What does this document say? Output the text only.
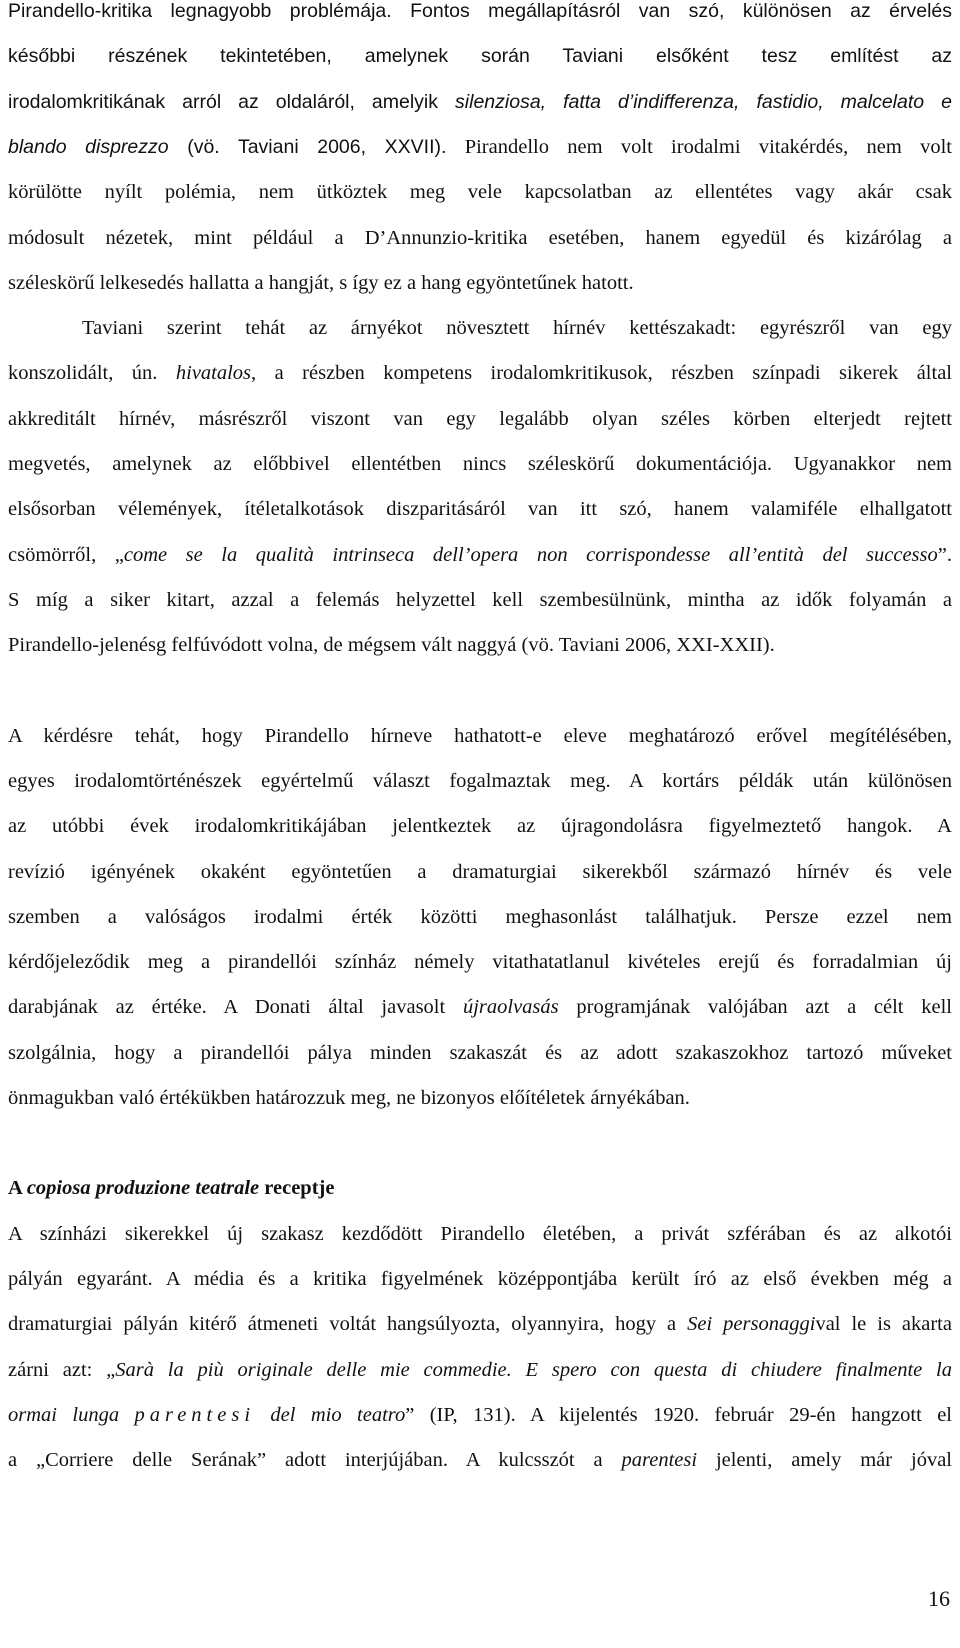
Pirandello-kritika legnagyobb problémája. Fontos megállapításról van szó, különösen az érvelés
későbbi részének tekintetében, amelynek során Taviani elsőként tesz említést az
irodalomkritikának arról az oldaláról, amelyik silenziosa, fatta d’indifferenza, fastidio, malcelato e
blando disprezzo (vö. Taviani 2006, XXVII). Pirandello nem volt irodalmi vitakérdés, nem volt
körülötte nyílt polémia, nem ütköztek meg vele kapcsolatban az ellentétes vagy akár csak
módosult nézetek, mint például a D’Annunzio-kritika esetében, hanem egyedül és kizárólag a
széleskörű lelkesedés hallatta a hangját, s így ez a hang egyöntetűnek hatott.
Taviani szerint tehát az árnyékot növesztett hírnév kettészakadt: egyrészről van egy
konszolidált, ún. hivatalos, a részben kompetens irodalomkritikusok, részben színpadi sikerek által
akkreditált hírnév, másrészről viszont van egy legalább olyan széles körben elterjedt rejtett
megvetés, amelynek az előbbivel ellentétben nincs széleskörű dokumentációja. Ugyanakkor nem
elsősorban vélemények, ítéletalkotások diszparitásáról van itt szó, hanem valamiféle elhallgatott
csömörről, „come se la qualità intrinseca dell’opera non corrispondesse all’entità del successo”.
S míg a siker kitart, azzal a felemás helyzettel kell szembesülnünk, mintha az idők folyamán a
Pirandello-jelenésg felfúvódott volna, de mégsem vált naggyá (vö. Taviani 2006, XXI-XXII).
A kérdésre tehát, hogy Pirandello hírneve hathatott-e eleve meghatározó erővel megítélésében,
egyes irodalomtörténészek egyértelmű választ fogalmaztak meg. A kortárs példák után különösen
az utóbbi évek irodalomkritikájában jelentkeztek az újragondolásra figyelmeztető hangok. A
revízió igényének okaként egyöntetűen a dramaturgiai sikerekből származó hírnév és vele
szemben a valóságos irodalmi érték közötti meghasonlást találhatjuk. Persze ezzel nem
kérdőjeleződik meg a pirandellói színház némely vitathatatlanul kivételes erejű és forradalmian új
darabjának az értéke. A Donati által javasolt újraolvasás programjának valójában azt a célt kell
szolgálnia, hogy a pirandellói pálya minden szakaszát és az adott szakaszokhoz tartozó műveket
önmagukban való értékükben határozzuk meg, ne bizonyos előítéletek árnyékában.
A copiosa produzione teatrale receptje
A színházi sikerekkel új szakasz kezdődött Pirandello életében, a privát szférában és az alkotói
pályán egyaránt. A média és a kritika figyelmének középpontjába került író az első években még a
dramaturgiai pályán kitérő átmeneti voltát hangsúlyozta, olyannyira, hogy a Sei personaggival le is akarta
zárni azt: „Sarà la più originale delle mie commedie. E spero con questa di chiudere finalmente la
ormai lunga parentesi del mio teatro” (IP, 131). A kijelentés 1920. február 29-én hangzott el
a „Corriere delle Serának” adott interjújában. A kulcsszót a parentesi jelenti, amely már jóval
16
